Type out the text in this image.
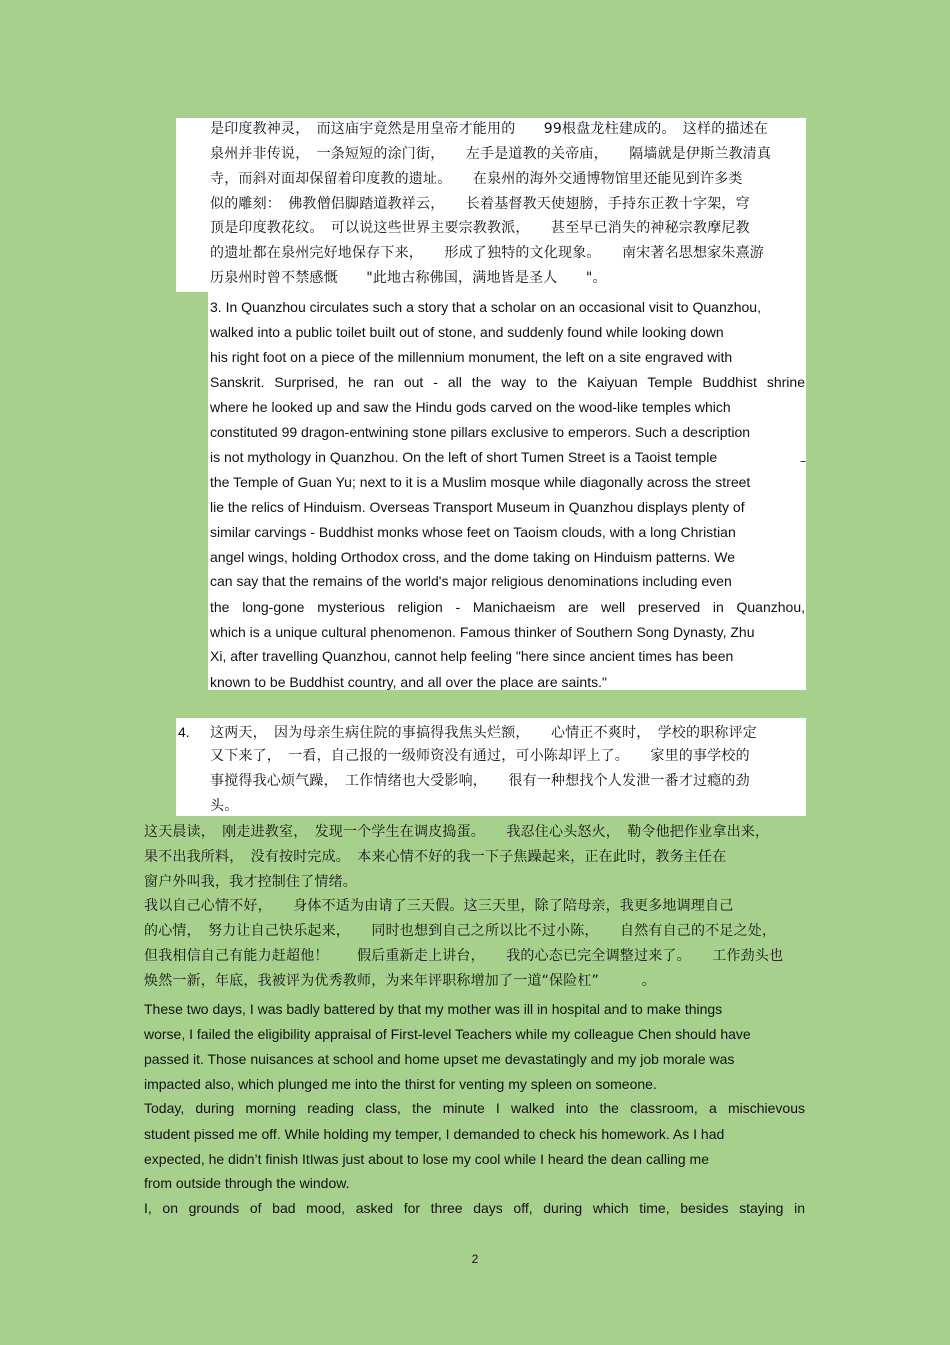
是印度教神灵，　而这庙宇竟然是用皇帝才能用的　　99根盘龙柱建成的。　这样的描述在
泉州并非传说，　一条短短的涂门街，　　左手是道教的关帝庙，　　隔墙就是伊斯兰教清真
寺，而斜对面却保留着印度教的遗址。　　在泉州的海外交通博物馆里还能见到许多类
似的雕刻：　佛教僧侣脚踏道教祥云，　　长着基督教天使翅膀，手持东正教十字架，穹
顶是印度教花纹。　可以说这些世界主要宗教教派，　　甚至早已消失的神秘宗教摩尼教
的遗址都在泉州完好地保存下来，　　形成了独特的文化现象。　　南宋著名思想家朱熹游
历泉州时曾不禁感慨　　"此地古称佛国，满地皆是圣人　　"。
3. In Quanzhou circulates such a story that a scholar on an occasional visit to Quanzhou,
walked into a public toilet built out of stone, and suddenly found while looking down
his right foot on a piece of the millennium monument, the left on a site engraved with
Sanskrit. Surprised, he ran out - all the way to the Kaiyuan Temple Buddhist shrine
where he looked up and saw the Hindu gods carved on the wood-like temples which
constituted 99 dragon-entwining stone pillars exclusive to emperors. Such a description
is not mythology in Quanzhou. On the left of short Tumen Street is a Taoist temple
the Temple of Guan Yu; next to it is a Muslim mosque while diagonally across the street
lie the relics of Hinduism. Overseas Transport Museum in Quanzhou displays plenty of
similar carvings - Buddhist monks whose feet on Taoism clouds, with a long Christian
angel wings, holding Orthodox cross, and the dome taking on Hinduism patterns. We
can say that the remains of the world's major religious denominations including even
the long-gone mysterious religion - Manichaeism are well preserved in Quanzhou,
which is a unique cultural phenomenon. Famous thinker of Southern Song Dynasty, Zhu
Xi, after travelling Quanzhou, cannot help feeling "here since ancient times has been
known to be Buddhist country, and all over the place are saints."
–
4. 这两天，　因为母亲生病住院的事搞得我焦头烂额，　　心情正不爽时，　学校的职称评定
又下来了，　一看，自己报的一级师资没有通过，可小陈却评上了。　　家里的事学校的
事搅得我心烦气躁，　工作情绪也大受影响，　　很有一种想找个人发泄一番才过瘾的劲
头。
这天晨读，　刚走进教室，　发现一个学生在调皮捣蛋。　　我忍住心头怒火，　勒令他把作业拿出来，
果不出我所料，　没有按时完成。　本来心情不好的我一下子焦躁起来，正在此时，教务主任在
窗户外叫我，我才控制住了情绪。
我以自己心情不好，　　身体不适为由请了三天假。这三天里，除了陪母亲，我更多地调理自己
的心情，　努力让自己快乐起来，　　同时也想到自己之所以比不过小陈，　　自然有自己的不足之处，
但我相信自己有能力赶超他！　　假后重新走上讲台，　　我的心态已完全调整过来了。　　工作劲头也
焕然一新，年底，我被评为优秀教师，为来年评职称增加了一道“保险杠”　　　。
These two days, I was badly battered by that my mother was ill in hospital and to make things
worse, I failed the eligibility appraisal of First-level Teachers while my colleague Chen should have
passed it. Those nuisances at school and home upset me devastatingly and my job morale was
impacted also, which plunged me into the thirst for venting my spleen on someone.
Today, during morning reading class, the minute I walked into the classroom, a mischievous
student pissed me off. While holding my temper, I demanded to check his homework. As I had
expected, he didn’t finish ItIwas just about to lose my cool while I heard the dean calling me
from outside through the window.
I, on grounds of bad mood, asked for three days off, during which time, besides staying in
2
